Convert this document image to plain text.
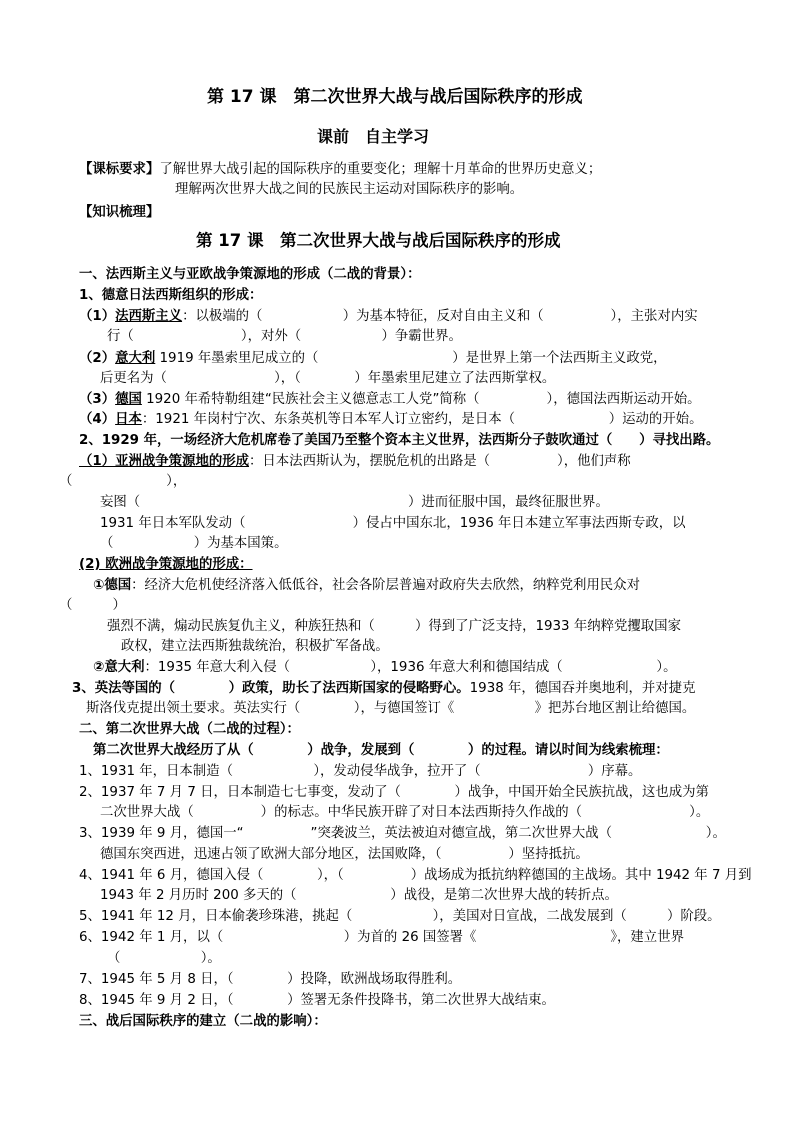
第 17 课　第二次世界大战与战后国际秩序的形成
课前　自主学习
【课标要求】了解世界大战引起的国际秩序的重要变化；理解十月革命的世界历史意义；
理解两次世界大战之间的民族民主运动对国际秩序的影响。
【知识梳理】
第 17 课　第二次世界大战与战后国际秩序的形成
一、法西斯主义与亚欧战争策源地的形成（二战的背景）：
1、德意日法西斯组织的形成：
（1）法西斯主义：以极端的（　　　　　　）为基本特征，反对自由主义和（　　　　　），主张对内实
行（　　　　　　　　），对外（　　　　　　）争霸世界。
（2）意大利 1919 年墨索里尼成立的（　　　　　　　　　　）是世界上第一个法西斯主义政党，
后更名为（　　　　　　　　），（　　　　）年墨索里尼建立了法西斯掌权。
（3）德国 1920 年希特勒组建“民族社会主义德意志工人党”简称（　　　　　），德国法西斯运动开始。
（4）日本：1921 年岗村宁次、东条英机等日本军人订立密约，是日本（　　　　　　　）运动的开始。
2、1929 年，一场经济大危机席卷了美国乃至整个资本主义世界，法西斯分子鼓吹通过（　　）寻找出路。
（1）亚洲战争策源地的形成：日本法西斯认为，摆脱危机的出路是（　　　　　），他们声称
（　　　　　　　），
妄图（　　　　　　　　　　　　　　　　　　　　）进而征服中国，最终征服世界。
1931 年日本军队发动（　　　　　　　　）侵占中国东北，1936 年日本建立军事法西斯专政，以
（　　　　　　）为基本国策。
(2) 欧洲战争策源地的形成：
①德国：经济大危机使经济落入低低谷，社会各阶层普遍对政府失去欣然，纳粹党利用民众对
（　　　）
强烈不满，煽动民族复仇主义，种族狂热和（　　　）得到了广泛支持，1933 年纳粹党攫取国家
政权，建立法西斯独裁统治，积极扩军备战。
②意大利：1935 年意大利入侵（　　　　　　），1936 年意大利和德国结成（　　　　　　　）。
3、英法等国的（　　　　）政策，助长了法西斯国家的侵略野心。1938 年，德国吞并奥地利，并对捷克
斯洛伐克提出领土要求。英法实行（　　　　），与德国签订《　　　　　　》把苏台地区割让给德国。
二、第二次世界大战（二战的过程）：
第二次世界大战经历了从（　　　　）战争，发展到（　　　　）的过程。请以时间为线索梳理：
1、1931 年，日本制造（　　　　　　），发动侵华战争，拉开了（　　　　　　　　）序幕。
2、1937 年 7 月 7 日，日本制造七七事变，发动了（　　　　）战争，中国开始全民族抗战，这也成为第
二次世界大战（　　　　　）的标志。中华民族开辟了对日本法西斯持久作战的（　　　　　　　　）。
3、1939 年 9 月，德国一“　　　　　”突袭波兰，英法被迫对德宣战，第二次世界大战（　　　　　　　）。
德国东突西进，迅速占领了欧洲大部分地区，法国败降，（　　　　　）坚持抵抗。
4、1941 年 6 月，德国入侵（　　　　），（　　　　　）战场成为抵抗纳粹德国的主战场。其中 1942 年 7 月到
1943 年 2 月历时 200 多天的（　　　　　　　）战役，是第二次世界大战的转折点。
5、1941 年 12 月，日本偷袭珍珠港，挑起（　　　　　　），美国对日宣战，二战发展到（　　　）阶段。
6、1942 年 1 月，以（　　　　　　　　　）为首的 26 国签署《　　　　　　　　　　》，建立世界
（　　　　　　）。
7、1945 年 5 月 8 日，（　　　　）投降，欧洲战场取得胜利。
8、1945 年 9 月 2 日，（　　　　）签署无条件投降书，第二次世界大战结束。
三、战后国际秩序的建立（二战的影响）：
